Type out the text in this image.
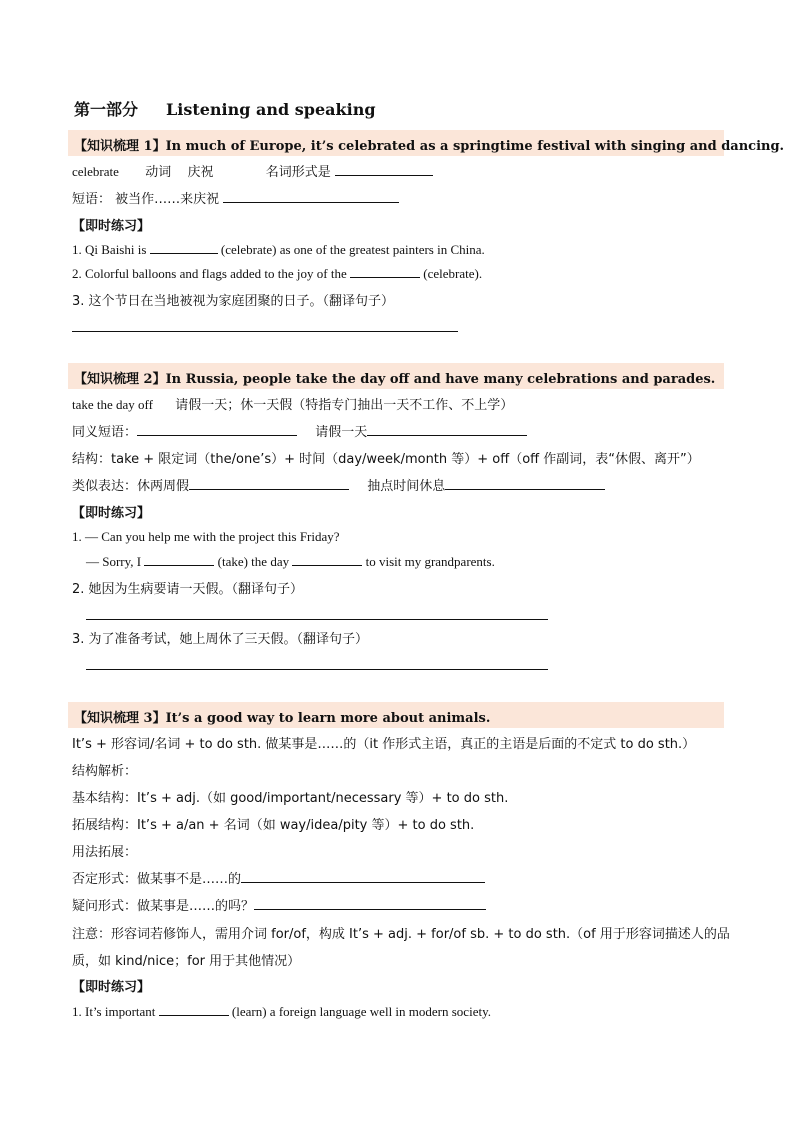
第一部分 Listening and speaking
【知识梳理 1】In much of Europe, it’s celebrated as a springtime festival with singing and dancing.
celebrate 动词 庆祝	名词形式是
短语： 被当作……来庆祝
【即时练习】
1. Qi Baishi is	(celebrate) as one of the greatest painters in China.
2. Colorful balloons and flags added to the joy of the	(celebrate).
3. 这个节日在当地被视为家庭团聚的日子。（翻译句子）
【知识梳理 2】In Russia, people take the day off and have many celebrations and parades.
take the day off 请假一天；休一天假（特指专门抽出一天不工作、不上学）
同义短语：	请假一天
结构：take + 限定词（the/one’s）+ 时间（day/week/month 等）+ off（off 作副词，表“休假、离开”）
类似表达：休两周假	抽点时间休息
【即时练习】
1. — Can you help me with the project this Friday?
— Sorry, I	(take) the day	to visit my grandparents.
2. 她因为生病要请一天假。（翻译句子）
3. 为了准备考试，她上周休了三天假。（翻译句子）
【知识梳理 3】It’s a good way to learn more about animals.
It’s + 形容词/名词 + to do sth. 做某事是……的（it 作形式主语，真正的主语是后面的不定式 to do sth.）
结构解析：
基本结构：It’s + adj.（如 good/important/necessary 等）+ to do sth.
拓展结构：It’s + a/an + 名词（如 way/idea/pity 等）+ to do sth.
用法拓展：
否定形式：做某事不是……的
疑问形式：做某事是……的吗？
注意：形容词若修饰人，需用介词 for/of，构成 It’s + adj. + for/of sb. + to do sth.（of 用于形容词描述人的品
质，如 kind/nice；for 用于其他情况）
【即时练习】
1. It’s important	(learn) a foreign language well in modern society.
